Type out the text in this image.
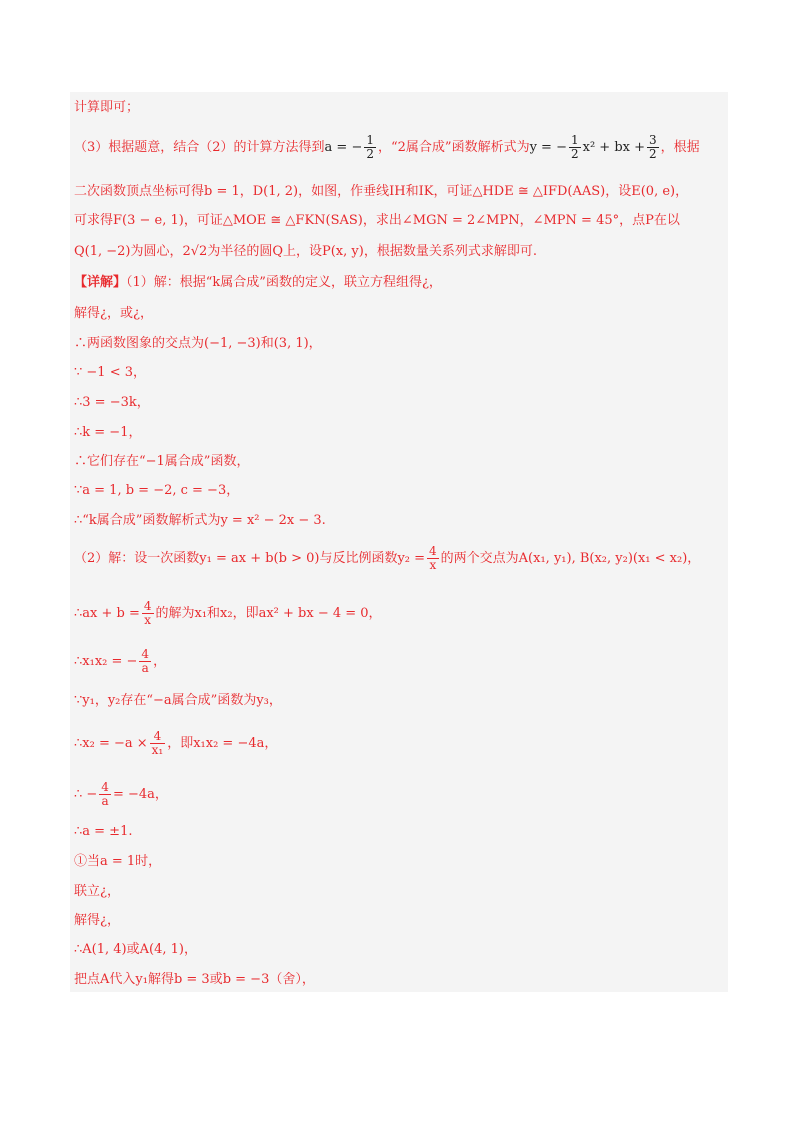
计算即可；
（3）根据题意，结合（2）的计算方法得到a = − $\frac{1}{2}$ ，“2属合成”函数解析式为y = − $\frac{1}{2} x^2$ + bx + $\frac{3}{2}$ ，根据
二次函数顶点坐标可得b = 1，D(1, 2)，如图，作垂线IH和IK，可证△HDE ≅ △IFD(AAS)，设E(0, e)，
可求得F(3 − e, 1)，可证△MOE ≅ △FKN(SAS)，求出∠MGN = 2∠MPN，∠MPN = 45°，点P在以
Q(1, −2)为圆心，2√2为半径的圆Q上，设P(x, y)，根据数量关系列式求解即可.
【详解】（1）解：根据“k属合成”函数的定义，联立方程组得¿，
解得¿，或¿，
∴两函数图象的交点为(−1, −3)和(3, 1)，
∵ −1 < 3，
∴3 = −3k，
∴k = −1，
∴它们存在“−1属合成”函数，
∵a = 1, b = −2, c = −3，
∴“k属合成”函数解析式为y = x² − 2x − 3.
（2）解：设一次函数y₁ = ax + b(b > 0)与反比例函数$y_2 = \frac{4}{x}$ 的两个交点为A(x₁, y₁), B(x₂, y₂)(x₁ < x₂)，
∴ax + $b = \frac{4}{x}$ 的解为x₁和x₂，即ax² + bx − 4 = 0，
∴x₁x₂ = − $\frac{4}{a}$ ，
∵y₁，y₂存在“−a属合成”函数为y₃，
∴x₂ = $-a \times \frac{4}{\text{x₁}}$ ，即x₁x₂ = −4a，
∴ − $\frac{4}{a} = -4a$，
∴a = ±1.
①当a = 1时，
联立¿，
解得¿，
∴A(1, 4)或A(4, 1)，
把点A代入y₁解得b = 3或b = −3（舍），
